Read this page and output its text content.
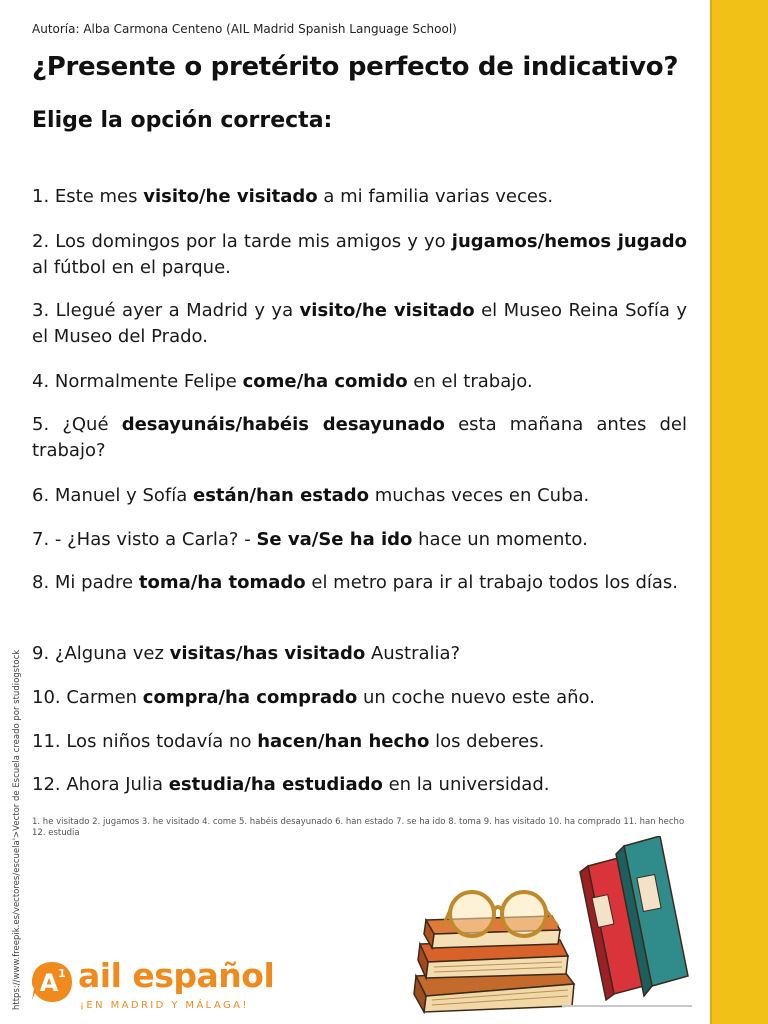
Autoría: Alba Carmona Centeno (AIL Madrid Spanish Language School)
¿Presente o pretérito perfecto de indicativo?
Elige la opción correcta:

1. Este mes visito/he visitado a mi familia varias veces.

2. Los domingos por la tarde mis amigos y yo jugamos/hemos jugado al fútbol en el parque.

3. Llegué ayer a Madrid y ya visito/he visitado el Museo Reina Sofía y el Museo del Prado.

4. Normalmente Felipe come/ha comido en el trabajo.

5. ¿Qué desayunáis/habéis desayunado esta mañana antes del trabajo?

6. Manuel y Sofía están/han estado muchas veces en Cuba.

7. - ¿Has visto a Carla? - Se va/Se ha ido hace un momento.

8. Mi padre toma/ha tomado el metro para ir al trabajo todos los días.

9. ¿Alguna vez visitas/has visitado Australia?

10. Carmen compra/ha comprado un coche nuevo este año.

11. Los niños todavía no hacen/han hecho los deberes.

12. Ahora Julia estudia/ha estudiado en la universidad.

1. he visitado 2. jugamos 3. he visitado 4. come 5. habéis desayunado 6. han estado 7. se ha ido 8. toma 9. has visitado 10. ha comprado 11. han hecho 12. estudia

https://www.freepik.es/vectores/escuela'>Vector de Escuela creado por studiogstock A 1 ail español
¡EN MADRID Y MÁLAGA!
